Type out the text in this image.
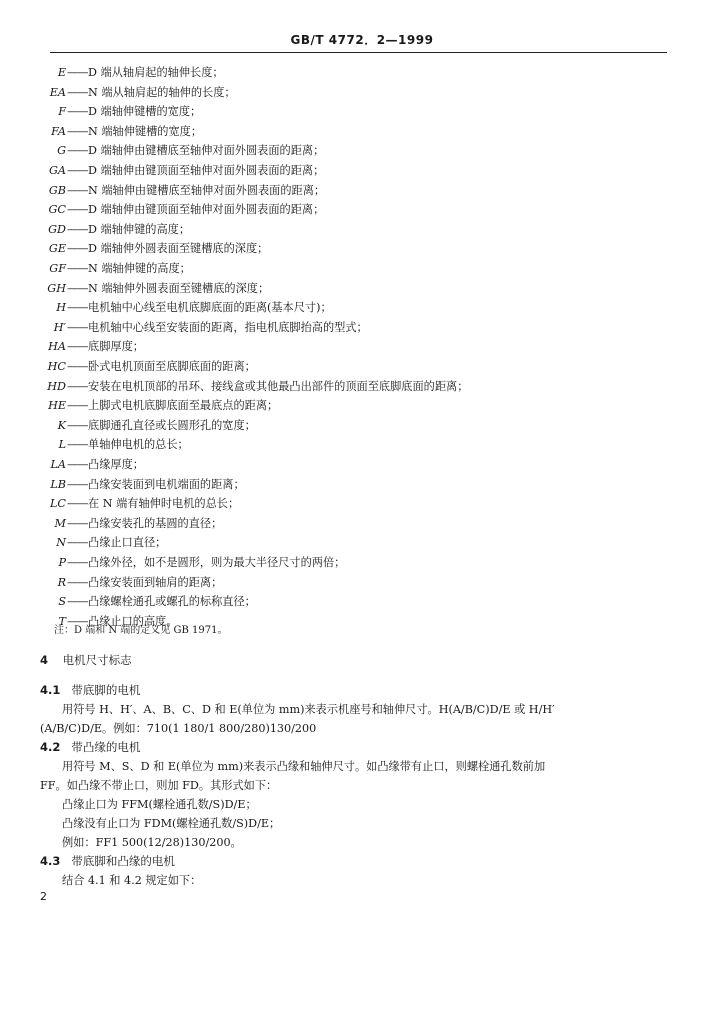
GB/T 4772．2—1999
E —— D 端从轴肩起的轴伸长度；
EA —— N 端从轴肩起的轴伸的长度；
F —— D 端轴伸键槽的宽度；
FA —— N 端轴伸键槽的宽度；
G —— D 端轴伸由键槽底至轴伸对面外圆表面的距离；
GA —— D 端轴伸由键顶面至轴伸对面外圆表面的距离；
GB —— N 端轴伸由键槽底至轴伸对面外圆表面的距离；
GC —— D 端轴伸由键顶面至轴伸对面外圆表面的距离；
GD —— D 端轴伸键的高度；
GE —— D 端轴伸外圆表面至键槽底的深度；
GF —— N 端轴伸键的高度；
GH —— N 端轴伸外圆表面至键槽底的深度；
H —— 电机轴中心线至电机底脚底面的距离(基本尺寸)；
H′ —— 电机轴中心线至安装面的距离，指电机底脚抬高的型式；
HA —— 底脚厚度；
HC —— 卧式电机顶面至底脚底面的距离；
HD —— 安装在电机顶部的吊环、接线盒或其他最凸出部件的顶面至底脚底面的距离；
HE —— 上脚式电机底脚底面至最底点的距离；
K —— 底脚通孔直径或长圆形孔的宽度；
L —— 单轴伸电机的总长；
LA —— 凸缘厚度；
LB —— 凸缘安装面到电机端面的距离；
LC —— 在 N 端有轴伸时电机的总长；
M —— 凸缘安装孔的基圆的直径；
N —— 凸缘止口直径；
P —— 凸缘外径，如不是圆形，则为最大半径尺寸的两倍；
R —— 凸缘安装面到轴肩的距离；
S —— 凸缘螺栓通孔或螺孔的标称直径；
T —— 凸缘止口的高度。
注：D 端和 N 端的定义见 GB 1971。
4 电机尺寸标志
4.1 带底脚的电机
用符号 H、H′、A、B、C、D 和 E(单位为 mm)来表示机座号和轴伸尺寸。H(A/B/C)D/E 或 H/H′
(A/B/C)D/E。例如：710(1 180/1 800/280)130/200
4.2 带凸缘的电机
用符号 M、S、D 和 E(单位为 mm)来表示凸缘和轴伸尺寸。如凸缘带有止口，则螺栓通孔数前加
FF。如凸缘不带止口，则加 FD。其形式如下：
凸缘止口为 FFM(螺栓通孔数/S)D/E；
凸缘没有止口为 FDM(螺栓通孔数/S)D/E；
例如：FF1 500(12/28)130/200。
4.3 带底脚和凸缘的电机
结合 4.1 和 4.2 规定如下：
2
